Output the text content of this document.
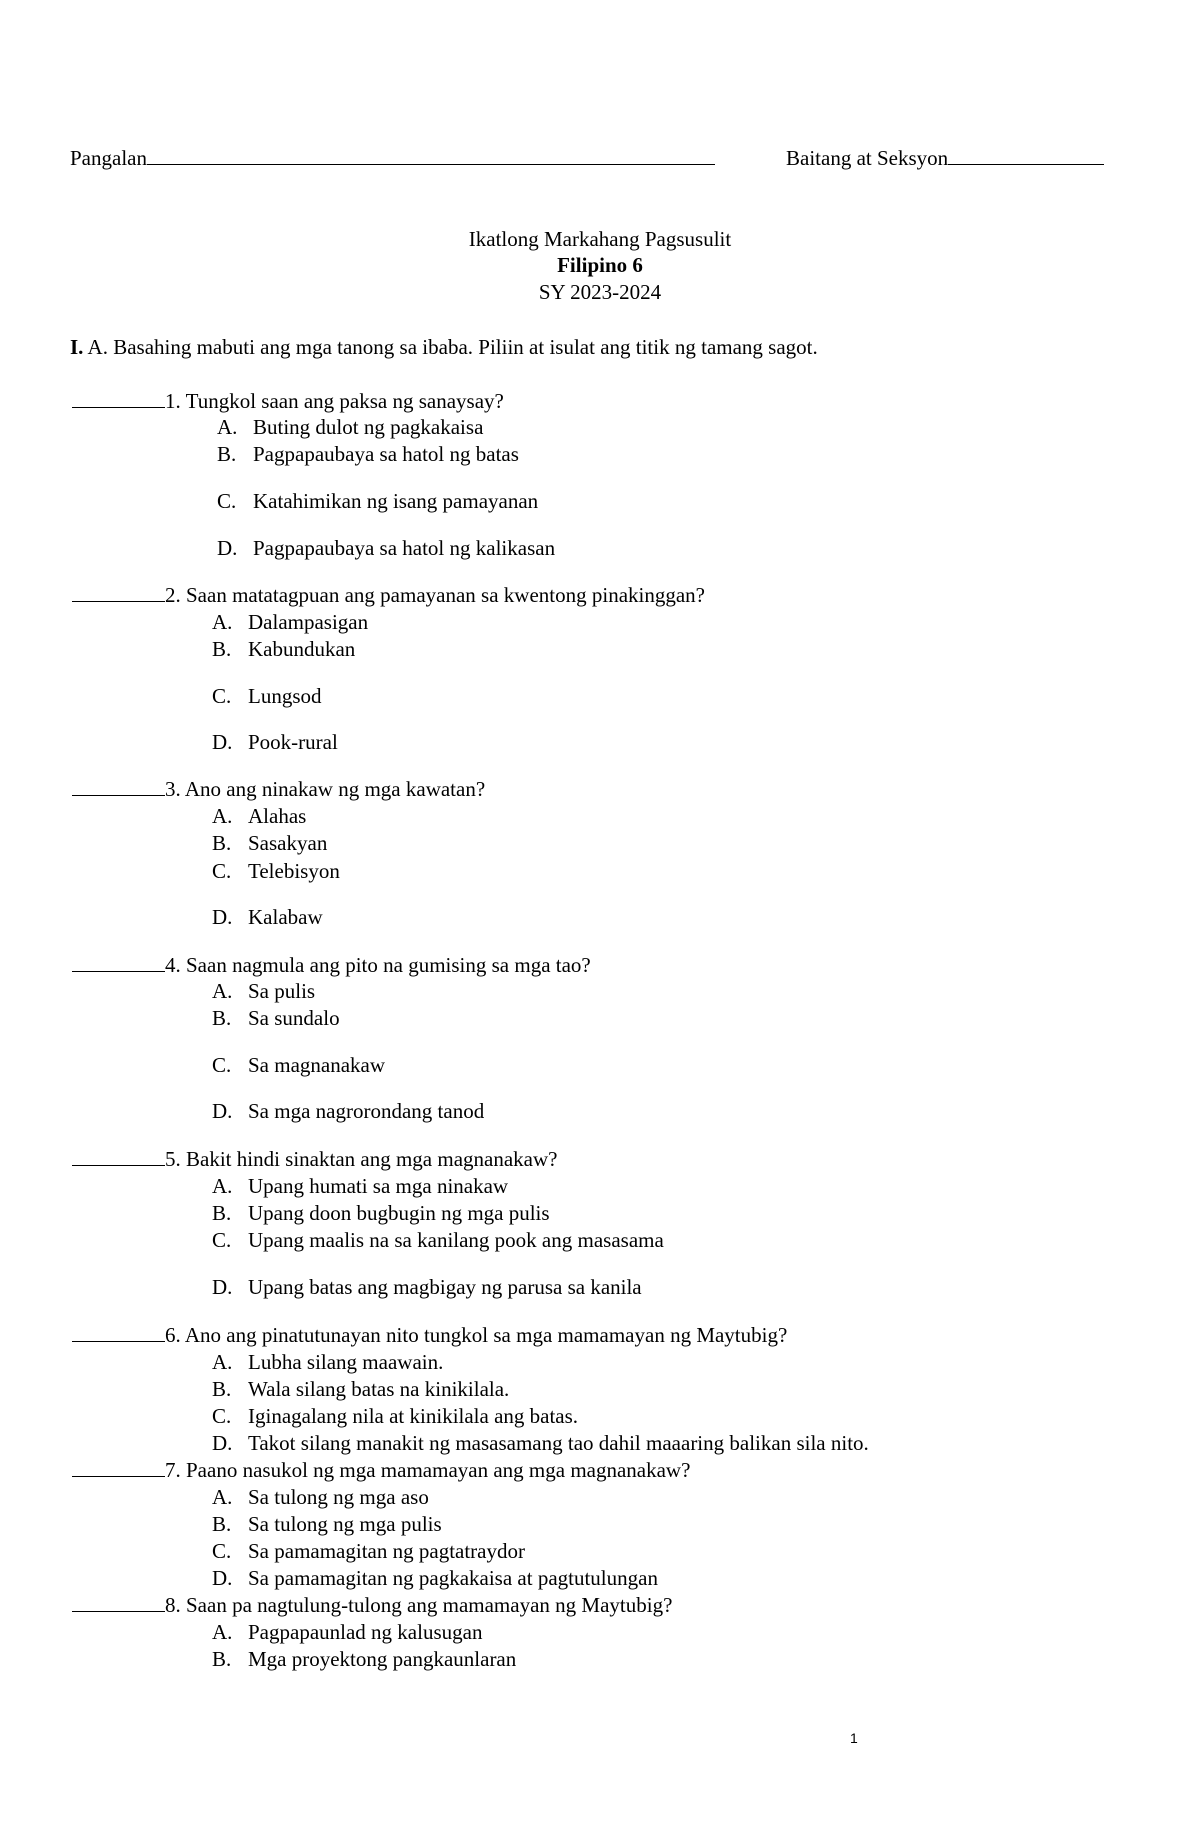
Pangalan	Baitang at Seksyon
Ikatlong Markahang Pagsusulit
Filipino 6
SY 2023-2024
I. A. Basahing mabuti ang mga tanong sa ibaba. Piliin at isulat ang titik ng tamang sagot.
1. Tungkol saan ang paksa ng sanaysay?
A. Buting dulot ng pagkakaisa
B. Pagpapaubaya sa hatol ng batas
C. Katahimikan ng isang pamayanan
D. Pagpapaubaya sa hatol ng kalikasan
2. Saan matatagpuan ang pamayanan sa kwentong pinakinggan?
A. Dalampasigan
B. Kabundukan
C. Lungsod
D. Pook-rural
3. Ano ang ninakaw ng mga kawatan?
A. Alahas
B. Sasakyan
C. Telebisyon
D. Kalabaw
4. Saan nagmula ang pito na gumising sa mga tao?
A. Sa pulis
B. Sa sundalo
C. Sa magnanakaw
D. Sa mga nagrorondang tanod
5. Bakit hindi sinaktan ang mga magnanakaw?
A. Upang humati sa mga ninakaw
B. Upang doon bugbugin ng mga pulis
C. Upang maalis na sa kanilang pook ang masasama
D. Upang batas ang magbigay ng parusa sa kanila
6. Ano ang pinatutunayan nito tungkol sa mga mamamayan ng Maytubig?
A. Lubha silang maawain.
B. Wala silang batas na kinikilala.
C. Iginagalang nila at kinikilala ang batas.
D. Takot silang manakit ng masasamang tao dahil maaaring balikan sila nito.
7. Paano nasukol ng mga mamamayan ang mga magnanakaw?
A. Sa tulong ng mga aso
B. Sa tulong ng mga pulis
C. Sa pamamagitan ng pagtatraydor
D. Sa pamamagitan ng pagkakaisa at pagtutulungan
8. Saan pa nagtulung-tulong ang mamamayan ng Maytubig?
A. Pagpapaunlad ng kalusugan
B. Mga proyektong pangkaunlaran
1
